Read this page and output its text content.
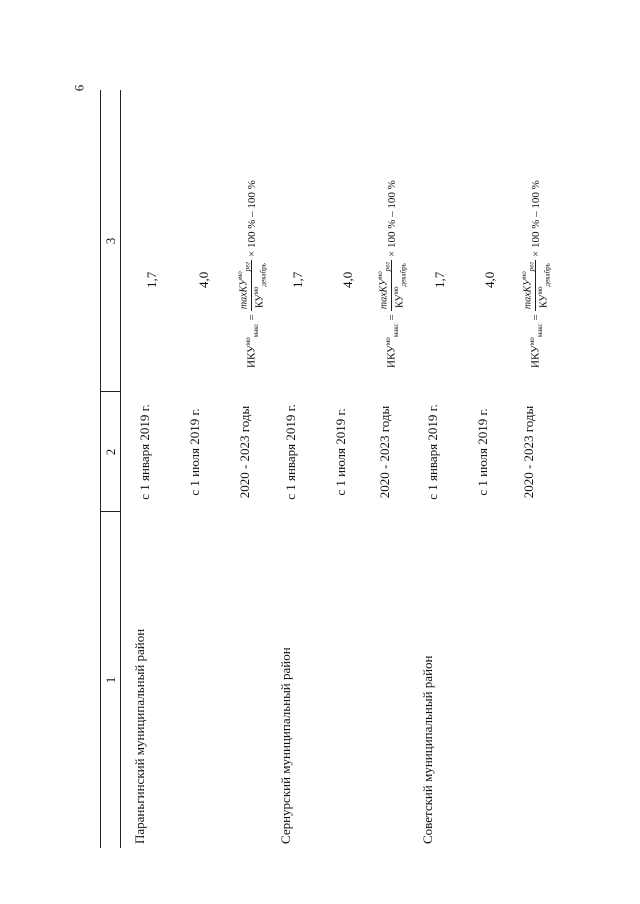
6
1
2
3
Параньгинский муниципальный район
с 1 января 2019 г.
1,7
с 1 июля 2019 г.
4,0
2020 - 2023 годы
$ИКУ^{мо}_{макс}$
=
maxКУ$^{мо}_{рег}$
$КУ^{мо}_{декабрь}$
× 100 % – 100 %
Сернурский муниципальный район
с 1 января 2019 г.
1,7
с 1 июля 2019 г.
4,0
2020 - 2023 годы
$ИКУ^{мо}_{макс}$
=
maxКУ$^{мо}_{рег}$
$КУ^{мо}_{декабрь}$
× 100 % – 100 %
Советский муниципальный район
с 1 января 2019 г.
1,7
с 1 июля 2019 г.
4,0
2020 - 2023 годы
$ИКУ^{мо}_{макс}$
=
maxКУ$^{мо}_{рег}$
$КУ^{мо}_{декабрь}$
× 100 % – 100 %
